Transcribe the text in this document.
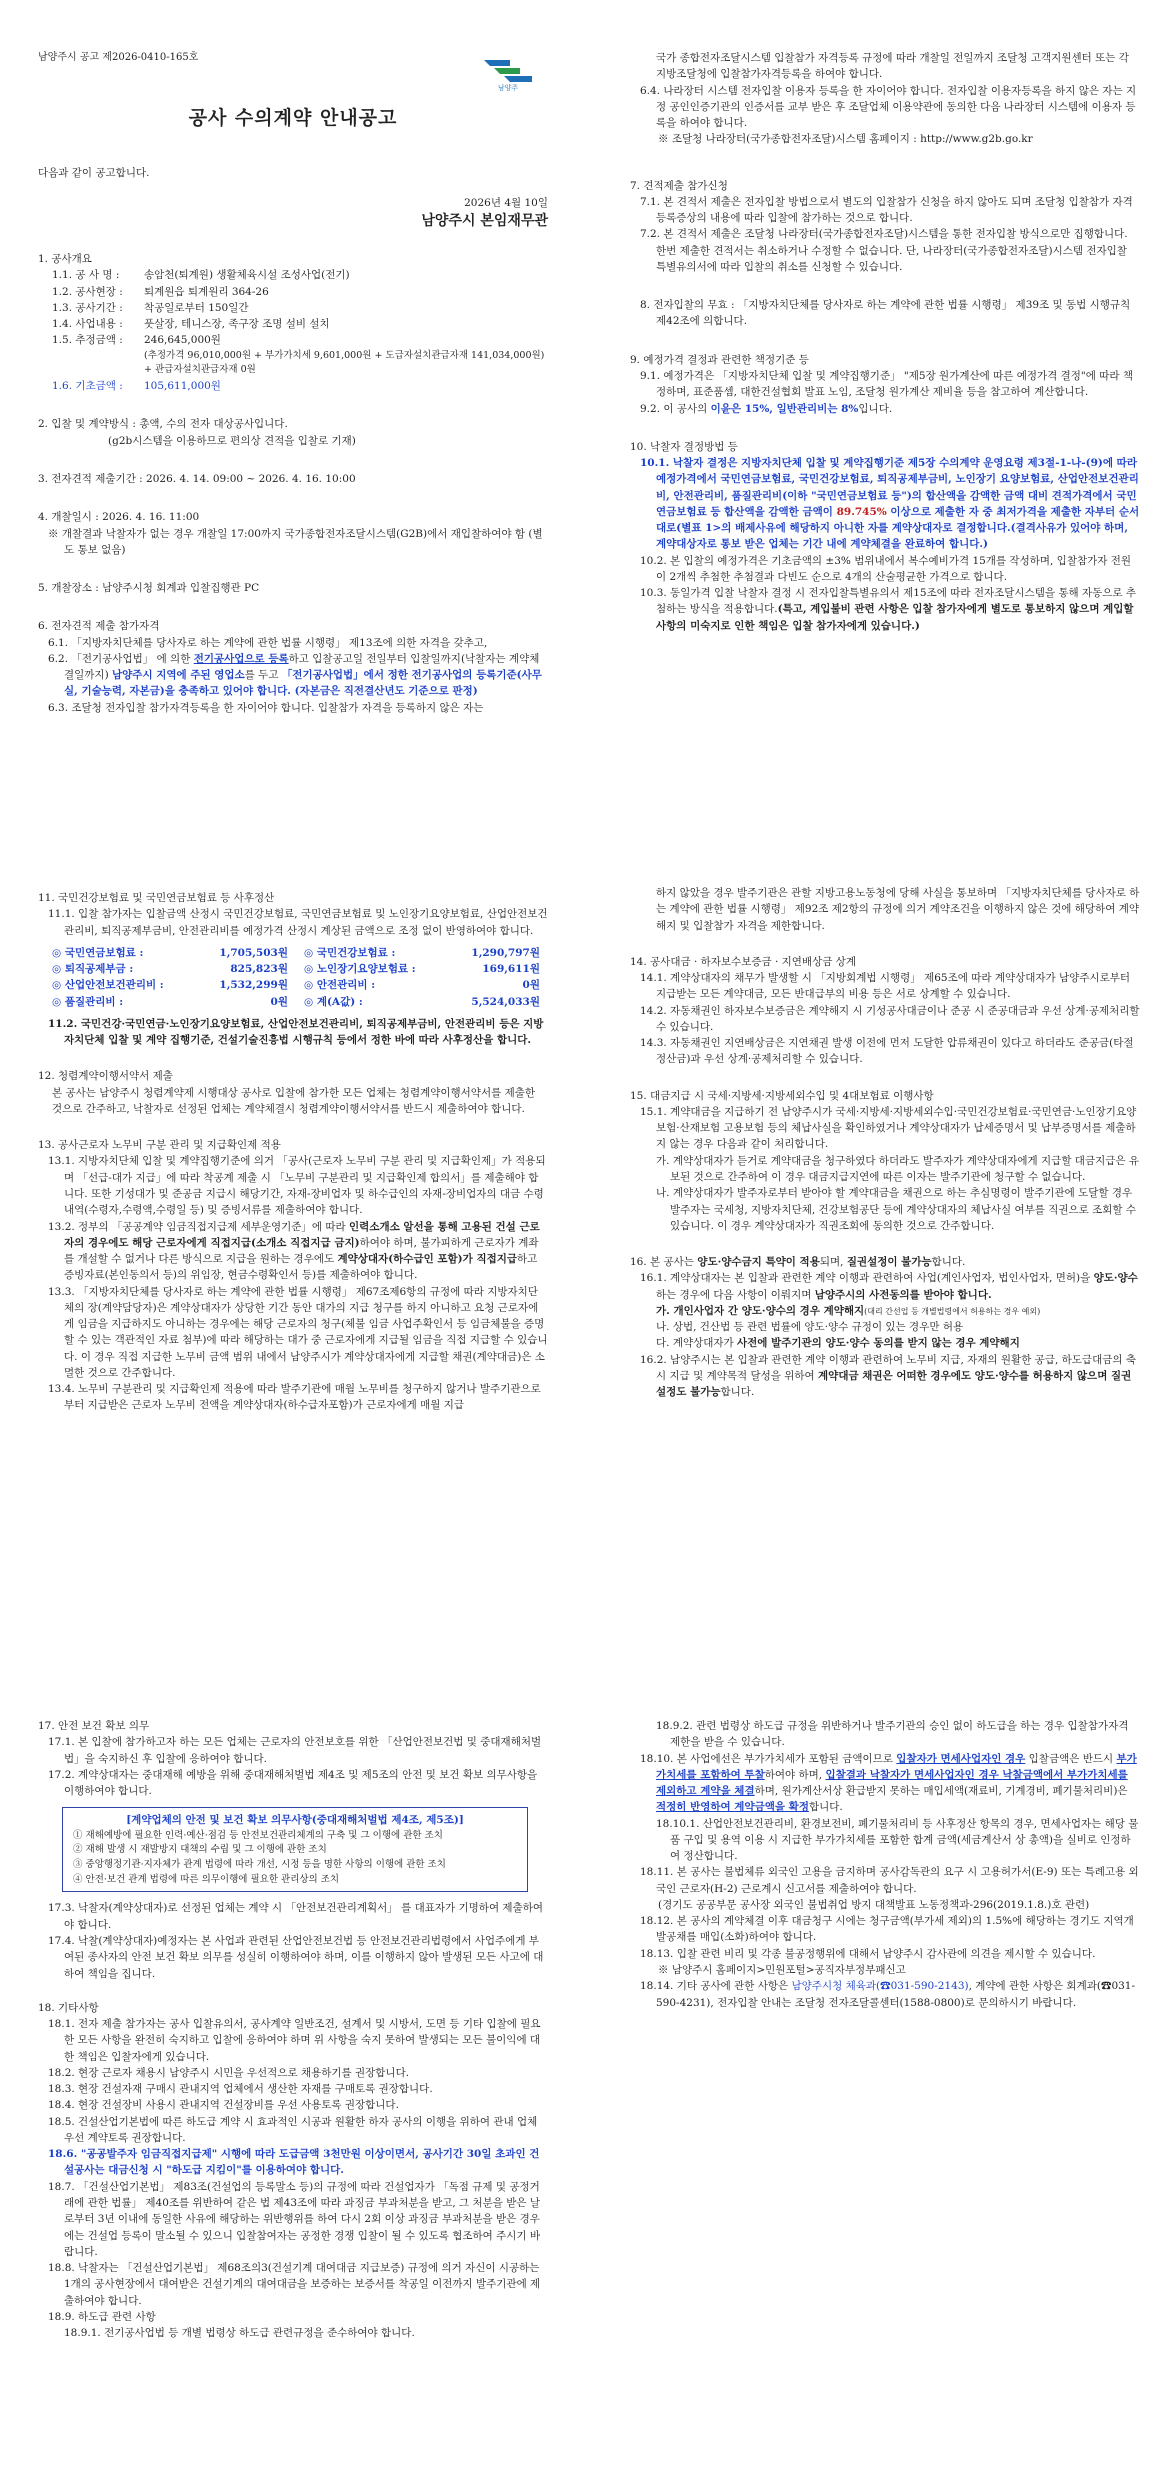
남양주시 공고 제2026-0410-165호

공사 수의계약 안내공고

다음과 같이 공고합니다.

2026년 4월 10일

남양주시 본임재무관

1. 공사개요

1.1. 공 사 명 :	송암천(퇴계원) 생활체육시설 조성사업(전기)
1.2. 공사현장 :	퇴계원읍 퇴계원리 364-26
1.3. 공사기간 :	착공일로부터 150일간
1.4. 사업내용 :	풋살장, 테니스장, 족구장 조명 설비 설치
1.5. 추정금액 :	246,645,000원
(추정가격 96,010,000원 + 부가가치세 9,601,000원 + 도급자설치관급자재 141,034,000원) + 관급자설치관급자재 0원
1.6. 기초금액 :	105,611,000원

2. 입찰 및 계약방식 : 총액, 수의 전자 대상공사입니다.

(g2b시스템을 이용하므로 편의상 견적을 입찰로 기재)

3. 전자견적 제출기간 : 2026. 4. 14. 09:00 ~ 2026. 4. 16. 10:00

4. 개찰일시 : 2026. 4. 16. 11:00

※ 개찰결과 낙찰자가 없는 경우 개찰일 17:00까지 국가종합전자조달시스템(G2B)에서 재입찰하여야 함 (별도 통보 없음)

5. 개찰장소 : 남양주시청 회계과 입찰집행관 PC

6. 전자견적 제출 참가자격

6.1. 「지방자치단체를 당사자로 하는 계약에 관한 법률 시행령」 제13조에 의한 자격을 갖추고,

6.2. 「전기공사업법」 에 의한 전기공사업으로 등록하고 입찰공고일 전일부터 입찰일까지(낙찰자는 계약체결일까지) 남양주시 지역에 주된 영업소를 두고 「전기공사업법」에서 정한 전기공사업의 등록기준(사무실, 기술능력, 자본금)을 충족하고 있어야 합니다. (자본금은 직전결산년도 기준으로 판정)

6.3. 조달청 전자입찰 참가자격등록을 한 자이어야 합니다. 입찰참가 자격을 등록하지 않은 자는

남양주

국가 종합전자조달시스템 입찰참가 자격등록 규정에 따라 개찰일 전일까지 조달청 고객지원센터 또는 각 지방조달청에 입찰참가자격등록을 하여야 합니다.

6.4. 나라장터 시스템 전자입찰 이용자 등록을 한 자이어야 합니다. 전자입찰 이용자등록을 하지 않은 자는 지정 공인인증기관의 인증서를 교부 받은 후 조달업체 이용약관에 동의한 다음 나라장터 시스템에 이용자 등록을 하여야 합니다.

※ 조달청 나라장터(국가종합전자조달)시스템 홈페이지 : http://www.g2b.go.kr

7. 견적제출 참가신청

7.1. 본 견적서 제출은 전자입찰 방법으로서 별도의 입찰참가 신청을 하지 않아도 되며 조달청 입찰참가 자격 등록증상의 내용에 따라 입찰에 참가하는 것으로 합니다.

7.2. 본 견적서 제출은 조달청 나라장터(국가종합전자조달)시스템을 통한 전자입찰 방식으로만 집행합니다. 한번 제출한 견적서는 취소하거나 수정할 수 없습니다. 단, 나라장터(국가종합전자조달)시스템 전자입찰 특별유의서에 따라 입찰의 취소를 신청할 수 있습니다.

8. 전자입찰의 무효 : 「지방자치단체를 당사자로 하는 계약에 관한 법률 시행령」 제39조 및 동법 시행규칙 제42조에 의합니다.

9. 예정가격 결정과 관련한 책정기준 등

9.1. 예정가격은 「지방자치단체 입찰 및 계약집행기준」 "제5장 원가계산에 따른 예정가격 결정"에 따라 책정하며, 표준품셈, 대한건설협회 발표 노임, 조달청 원가계산 제비율 등을 참고하여 계산합니다.

9.2. 이 공사의 이윤은 15%, 일반관리비는 8%입니다.

10. 낙찰자 결정방법 등

10.1. 낙찰자 결정은 지방자치단체 입찰 및 계약집행기준 제5장 수의계약 운영요령 제3절-1-나-(9)에 따라 예정가격에서 국민연금보험료, 국민건강보험료, 퇴직공제부금비, 노인장기 요양보험료, 산업안전보건관리비, 안전관리비, 품질관리비(이하 "국민연금보험료 등")의 합산액을 감액한 금액 대비 견적가격에서 국민연금보험료 등 합산액을 감액한 금액이 89.745% 이상으로 제출한 자 중 최저가격을 제출한 자부터 순서대로(별표 1>의 배제사유에 해당하지 아니한 자를 계약상대자로 결정합니다.(결격사유가 있어야 하며, 계약대상자로 통보 받은 업체는 기간 내에 계약체결을 완료하여 합니다.)

10.2. 본 입찰의 예정가격은 기초금액의 ±3% 범위내에서 복수예비가격 15개를 작성하며, 입찰참가자 전원이 2개씩 추첨한 추첨결과 다빈도 순으로 4개의 산술평균한 가격으로 합니다.

10.3. 동일가격 입찰 낙찰자 결정 시 전자입찰특별유의서 제15조에 따라 전자조달시스템을 통해 자동으로 추첨하는 방식을 적용합니다.(특고, 계입불비 관련 사항은 입찰 참가자에게 별도로 통보하지 않으며 계입할 사항의 미숙지로 인한 책임은 입찰 참가자에게 있습니다.)

11. 국민건강보험료 및 국민연금보험료 등 사후정산

11.1. 입찰 참가자는 입찰금액 산정시 국민건강보험료, 국민연금보험료 및 노인장기요양보험료, 산업안전보건관리비, 퇴직공제부금비, 안전관리비를 예정가격 산정시 계상된 금액으로 조정 없이 반영하여야 합니다.

◎ 국민연금보험료 :	1,705,503원 ◎ 국민건강보험료 :	1,290,797원
◎ 퇴직공제부금 :	825,823원 ◎ 노인장기요양보험료 :	169,611원
◎ 산업안전보건관리비 :	1,532,299원 ◎ 안전관리비 :	0원
◎ 품질관리비 :	0원 ◎ 계(A값) :	5,524,033원

11.2. 국민건강·국민연금·노인장기요양보험료, 산업안전보건관리비, 퇴직공제부금비, 안전관리비 등은 지방자치단체 입찰 및 계약 집행기준, 건설기술진흥법 시행규칙 등에서 정한 바에 따라 사후정산을 합니다.

12. 청렴계약이행서약서 제출

본 공사는 남양주시 청렴계약제 시행대상 공사로 입찰에 참가한 모든 업체는 청렴계약이행서약서를 제출한 것으로 간주하고, 낙찰자로 선정된 업체는 계약체결시 청렴계약이행서약서를 반드시 제출하여야 합니다.

13. 공사근로자 노무비 구분 관리 및 지급확인제 적용

13.1. 지방자치단체 입찰 및 계약집행기준에 의거 「공사(근로자 노무비 구분 관리 및 지급확인제」가 적용되며 「선급-대가 지급」에 따라 착공계 제출 시 「노무비 구분관리 및 지급확인제 합의서」를 제출해야 합니다. 또한 기성대가 및 준공금 지급시 해당기간, 자재-장비업자 및 하수급인의 자재-장비업자의 대금 수령내역(수령자,수령액,수령일 등) 및 증빙서류를 제출하여야 합니다.

13.2. 정부의 「공공계약 임금직접지급제 세부운영기준」에 따라 인력소개소 알선을 통해 고용된 건설 근로자의 경우에도 해당 근로자에게 직접지급(소개소 직접지급 금지)하여야 하며, 불가피하게 근로자가 계좌를 개설할 수 없거나 다른 방식으로 지급을 원하는 경우에도 계약상대자(하수급인 포함)가 직접지급하고 증빙자료(본인동의서 등)의 위임장, 현금수령확인서 등)를 제출하여야 합니다.

13.3. 「지방자치단체를 당사자로 하는 계약에 관한 법률 시행령」 제67조제6항의 규정에 따라 지방자치단체의 장(계약담당자)은 계약상대자가 상당한 기간 동안 대가의 지급 청구를 하지 아니하고 요청 근로자에게 임금을 지급하지도 아니하는 경우에는 해당 근로자의 청구(체불 임금 사업주확인서 등 임금체불을 증명할 수 있는 객관적인 자료 첨부)에 따라 해당하는 대가 중 근로자에게 지급될 임금을 직접 지급할 수 있습니다. 이 경우 직접 지급한 노무비 금액 범위 내에서 남양주시가 계약상대자에게 지급할 채권(계약대금)은 소멸한 것으로 간주합니다.

13.4. 노무비 구분관리 및 지급확인제 적용에 따라 발주기관에 매월 노무비를 청구하지 않거나 발주기관으로부터 지급받은 근로자 노무비 전액을 계약상대자(하수급자포함)가 근로자에게 매월 지급

하지 않았을 경우 발주기관은 관할 지방고용노동청에 당해 사실을 통보하며 「지방자치단체를 당사자로 하는 계약에 관한 법률 시행령」 제92조 제2항의 규정에 의거 계약조건을 이행하지 않은 것에 해당하여 계약해지 및 입찰참가 자격을 제한합니다.

14. 공사대금 · 하자보수보증금 · 지연배상금 상계

14.1. 계약상대자의 채무가 발생할 시 「지방회계법 시행령」 제65조에 따라 계약상대자가 남양주시로부터 지급받는 모든 계약대금, 모든 반대급부의 비용 등은 서로 상계할 수 있습니다.

14.2. 자동채권인 하자보수보증금은 계약해지 시 기성공사대금이나 준공 시 준공대금과 우선 상계·공제처리할 수 있습니다.

14.3. 자동채권인 지연배상금은 지연채권 발생 이전에 먼저 도달한 압류채권이 있다고 하더라도 준공금(타절정산금)과 우선 상계·공제처리할 수 있습니다.

15. 대금지급 시 국세·지방세·지방세외수입 및 4대보험료 이행사항

15.1. 계약대금을 지급하기 전 남양주시가 국세·지방세·지방세외수입·국민건강보험료·국민연금·노인장기요양보험·산재보험 고용보험 등의 체납사실을 확인하였거나 계약상대자가 납세증명서 및 납부증명서를 제출하지 않는 경우 다음과 같이 처리합니다.

가. 계약상대자가 듣거로 계약대금을 청구하였다 하더라도 발주자가 계약상대자에게 지급할 대금지급은 유보된 것으로 간주하여 이 경우 대금지급지연에 따른 이자는 발주기관에 청구할 수 없습니다.

나. 계약상대자가 발주자로부터 받아야 할 계약대금을 채권으로 하는 추심명령이 발주기관에 도달할 경우 발주자는 국세청, 지방자치단체, 건강보험공단 등에 계약상대자의 체납사실 여부를 직권으로 조회할 수 있습니다. 이 경우 계약상대자가 직권조회에 동의한 것으로 간주합니다.

16. 본 공사는 양도·양수금지 특약이 적용되며, 질권설정이 불가능합니다.

16.1. 계약상대자는 본 입찰과 관련한 계약 이행과 관련하여 사업(계인사업자, 법인사업자, 면허)을 양도·양수하는 경우에 다음 사항이 이뤄지며 남양주시의 사전동의를 받아야 합니다.

가. 개인사업자 간 양도·양수의 경우 계약해지(대리 간선업 등 개별법령에서 허용하는 경우 예외)

나. 상법, 건산법 등 관련 법률에 양도·양수 규정이 있는 경우만 허용

다. 계약상대자가 사전에 발주기관의 양도·양수 동의를 받지 않는 경우 계약해지

16.2. 남양주시는 본 입찰과 관련한 계약 이행과 관련하여 노무비 지급, 자재의 원활한 공급, 하도급대금의 축시 지급 및 계약목적 달성을 위하여 계약대금 채권은 어떠한 경우에도 양도·양수를 허용하지 않으며 질권설정도 불가능합니다.

17. 안전 보건 확보 의무

17.1. 본 입찰에 참가하고자 하는 모든 업체는 근로자의 안전보호를 위한 「산업안전보건법 및 중대재해처벌법」을 숙지하신 후 입찰에 응하여야 합니다.

17.2. 계약상대자는 중대재해 예방을 위해 중대재해처벌법 제4조 및 제5조의 안전 및 보건 확보 의무사항을 이행하여야 합니다.

[계약업체의 안전 및 보건 확보 의무사항(중대재해처벌법 제4조, 제5조)]

① 재해예방에 필요한 인력·예산·점검 등 안전보건관리체계의 구축 및 그 이행에 관한 조치

② 재해 발생 시 재발방지 대책의 수립 및 그 이행에 관한 조치

③ 중앙행정기관·지자체가 관계 법령에 따라 개선, 시정 등을 명한 사항의 이행에 관한 조치

④ 안전·보건 관계 법령에 따른 의무이행에 필요한 관리상의 조치

17.3. 낙찰자(계약상대자)로 선정된 업체는 계약 시 「안전보건관리계획서」 를 대표자가 기명하여 제출하여야 합니다.

17.4. 낙찰(계약상대자)예정자는 본 사업과 관련된 산업안전보건법 등 안전보건관리법령에서 사업주에게 부여된 종사자의 안전 보건 확보 의무를 성실히 이행하여야 하며, 이를 이행하지 않아 발생된 모든 사고에 대하여 책임을 집니다.

18. 기타사항

18.1. 전자 제출 참가자는 공사 입찰유의서, 공사계약 일반조건, 설계서 및 시방서, 도면 등 기타 입찰에 필요한 모든 사항을 완전히 숙지하고 입찰에 응하여야 하며 위 사항을 숙지 못하여 발생되는 모든 불이익에 대한 책임은 입찰자에게 있습니다.

18.2. 현장 근로자 채용시 남양주시 시민을 우선적으로 채용하기를 권장합니다.

18.3. 현장 건설자재 구매시 관내지역 업체에서 생산한 자재를 구매토록 권장합니다.

18.4. 현장 건설장비 사용시 관내지역 건설장비를 우선 사용토록 권장합니다.

18.5. 건설산업기본법에 따른 하도급 계약 시 효과적인 시공과 원활한 하자 공사의 이행을 위하여 관내 업체 우선 계약토록 권장합니다.

18.6. "공공발주자 임금직접지급제" 시행에 따라 도급금액 3천만원 이상이면서, 공사기간 30일 초과인 건설공사는 대금신청 시 "하도급 지킴이"를 이용하여야 합니다.

18.7. 「건설산업기본법」 제83조(건설업의 등록말소 등)의 규정에 따라 건설업자가 「독점 규제 및 공정거래에 관한 법률」 제40조를 위반하여 같은 법 제43조에 따라 과징금 부과처분을 받고, 그 처분을 받은 날로부터 3년 이내에 동일한 사유에 해당하는 위반행위를 하여 다시 2회 이상 과징금 부과처분을 받은 경우에는 건설업 등록이 말소될 수 있으니 입찰참여자는 공정한 경쟁 입찰이 될 수 있도록 협조하여 주시기 바랍니다.

18.8. 낙찰자는 「건설산업기본법」 제68조의3(건설기계 대여대금 지급보증) 규정에 의거 자신이 시공하는 1개의 공사현장에서 대여받은 건설기계의 대여대금을 보증하는 보증서를 착공일 이전까지 발주기관에 제출하여야 합니다.

18.9. 하도급 관련 사항

18.9.1. 전기공사업법 등 개별 법령상 하도급 관련규정을 준수하여야 합니다.

18.9.2. 관련 법령상 하도급 규정을 위반하거나 발주기관의 승인 없이 하도급을 하는 경우 입찰참가자격 제한을 받을 수 있습니다.

18.10. 본 사업에선은 부가가치세가 포함된 금액이므로 입찰자가 면세사업자인 경우 입찰금액은 반드시 부가가치세를 포함하여 투찰하여야 하며, 입찰결과 낙찰자가 면세사업자인 경우 낙찰금액에서 부가가치세를 제외하고 계약을 체결하며, 원가계산서상 환급받지 못하는 매입세액(재료비, 기계경비, 폐기물처리비)은 적정히 반영하여 계약금액을 확정합니다.

18.10.1. 산업안전보건관리비, 환경보전비, 폐기물처리비 등 사후정산 항목의 경우, 면세사업자는 해당 물품 구입 및 용역 이용 시 지급한 부가가치세를 포함한 합계 금액(세금계산서 상 총액)을 실비로 인정하여 정산합니다.

18.11. 본 공사는 불법체류 외국인 고용을 금지하며 공사감독관의 요구 시 고용허가서(E-9) 또는 특례고용 외국인 근로자(H-2) 근로계시 신고서를 제출하여야 합니다.

(경기도 공공부문 공사장 외국인 불법취업 방지 대책발표 노동정책과-296(2019.1.8.)호 관련)

18.12. 본 공사의 계약체결 이후 대금청구 시에는 청구금액(부가세 제외)의 1.5%에 해당하는 경기도 지역개발공채를 매입(소화)하여야 합니다.

18.13. 입찰 관련 비리 및 각종 불공정행위에 대해서 남양주시 감사관에 의견을 제시할 수 있습니다.

※ 남양주시 홈페이지>민원포털>공직자부정부패신고

18.14. 기타 공사에 관한 사항은 남양주시청 체육과(☎031-590-2143), 계약에 관한 사항은 회계과(☎031-590-4231), 전자입찰 안내는 조달청 전자조달콜센터(1588-0800)로 문의하시기 바랍니다.
